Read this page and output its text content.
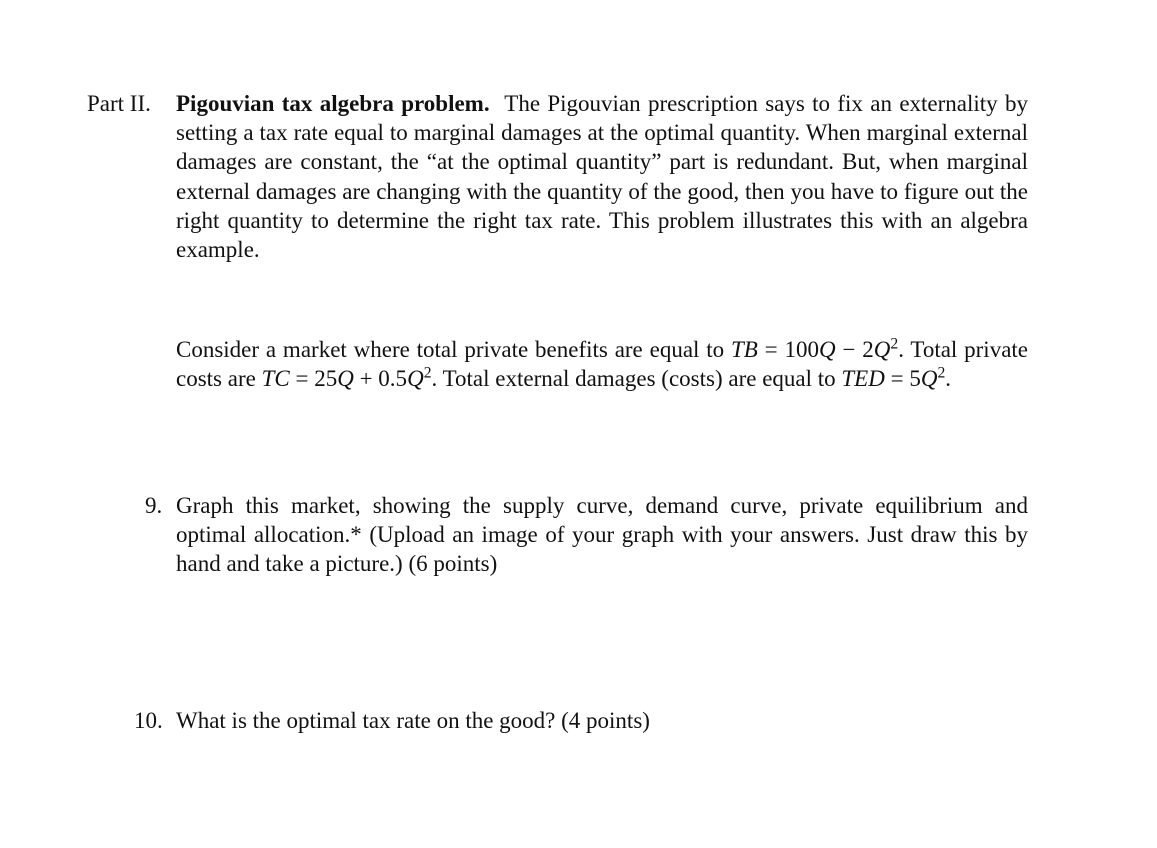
Part II. Pigouvian tax algebra problem. The Pigouvian prescription says to fix an externality by setting a tax rate equal to marginal damages at the optimal quantity. When marginal external damages are constant, the “at the optimal quantity” part is redundant. But, when marginal external damages are changing with the quantity of the good, then you have to figure out the right quantity to determine the right tax rate. This problem illustrates this with an algebra example.
Consider a market where total private benefits are equal to TB = $100Q - 2Q^2$. Total private costs are TC = $25Q + 0.5Q^2$. Total external damages (costs) are equal to TED = $5Q^2$.
9. Graph this market, showing the supply curve, demand curve, private equilibrium and optimal allocation.* (Upload an image of your graph with your answers. Just draw this by hand and take a picture.) (6 points)
10. What is the optimal tax rate on the good? (4 points)
